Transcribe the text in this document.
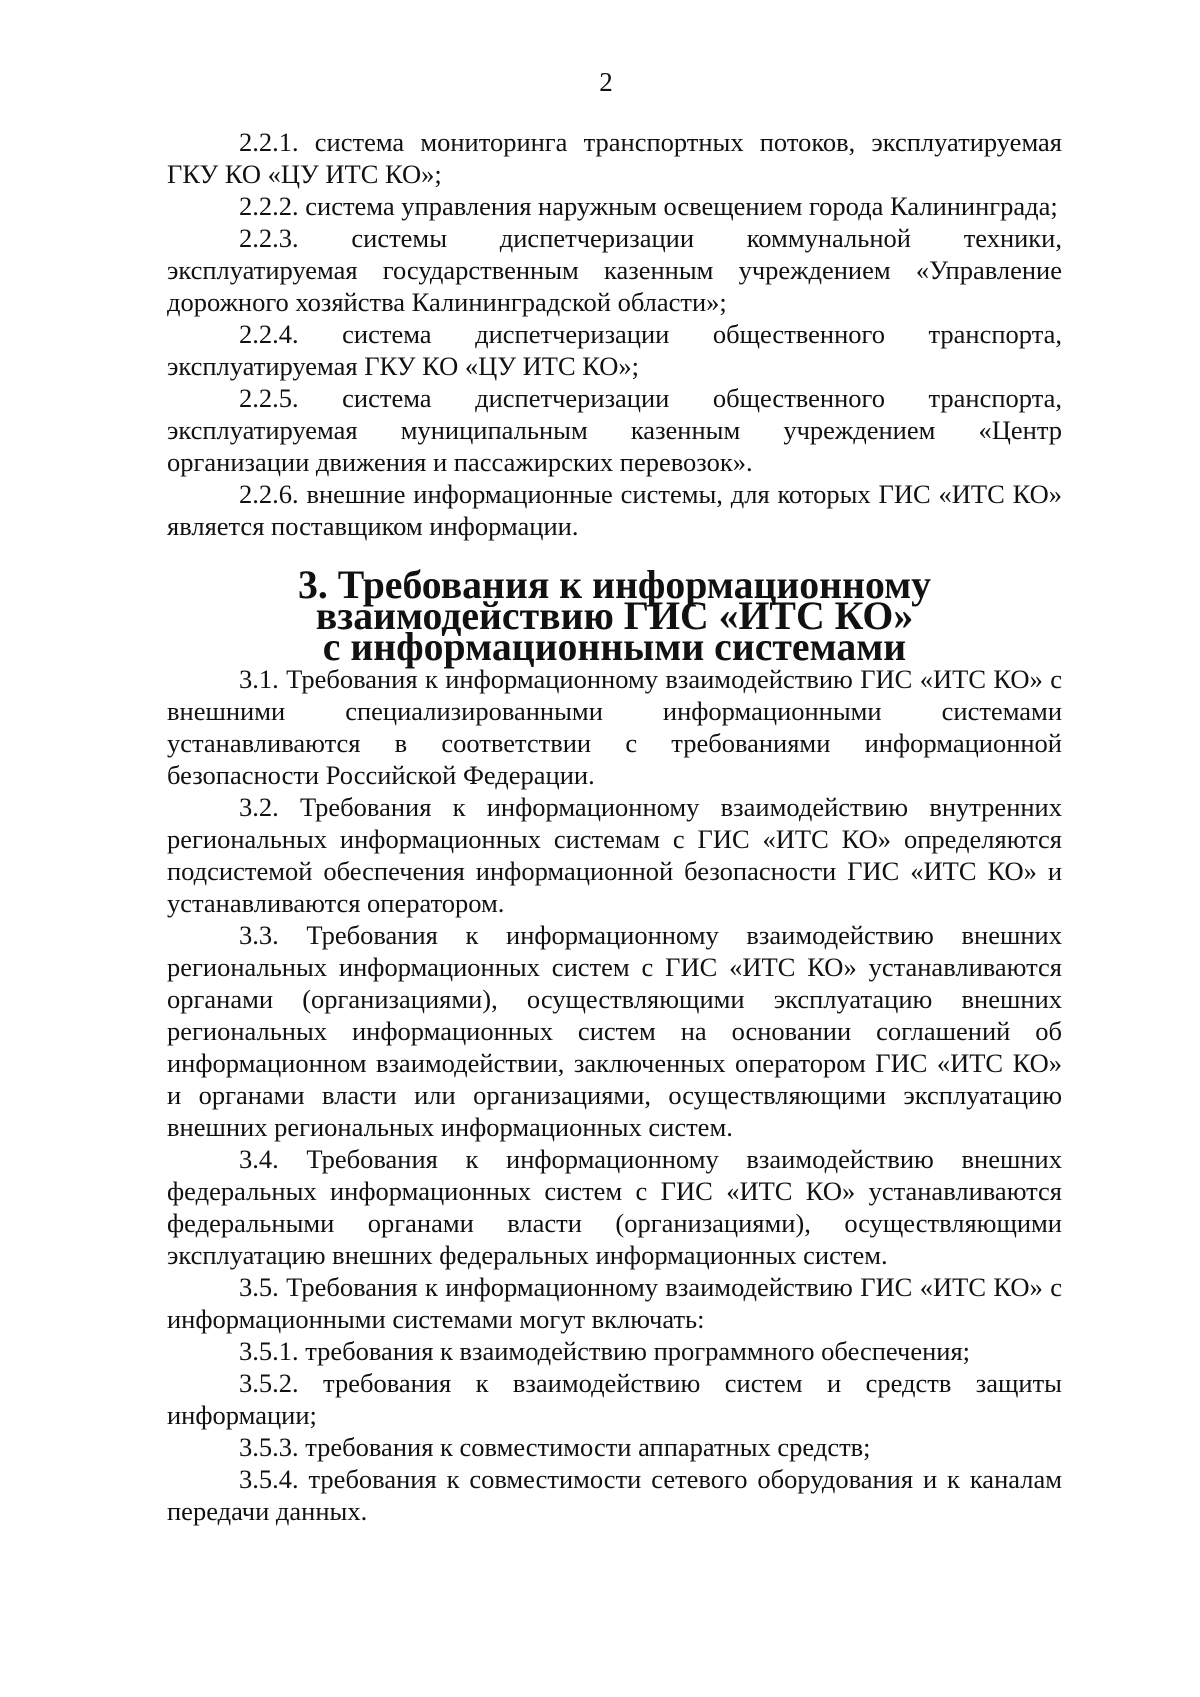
2

2.2.1. система мониторинга транспортных потоков, эксплуатируемая ГКУ КО «ЦУ ИТС КО»;

2.2.2. система управления наружным освещением города Калининграда;

2.2.3. системы диспетчеризации коммунальной техники, эксплуатируемая государственным казенным учреждением «Управление дорожного хозяйства Калининградской области»;

2.2.4. система диспетчеризации общественного транспорта, эксплуатируемая ГКУ КО «ЦУ ИТС КО»;

2.2.5. система диспетчеризации общественного транспорта, эксплуатируемая муниципальным казенным учреждением «Центр организации движения и пассажирских перевозок».

2.2.6. внешние информационные системы, для которых ГИС «ИТС КО» является поставщиком информации.

3. Требования к информационному взаимодействию ГИС «ИТС КО»
с информационными системами

3.1. Требования к информационному взаимодействию ГИС «ИТС КО» с внешними специализированными информационными системами устанавливаются в соответствии с требованиями информационной безопасности Российской Федерации.

3.2. Требования к информационному взаимодействию внутренних региональных информационных системам с ГИС «ИТС КО» определяются подсистемой обеспечения информационной безопасности ГИС «ИТС КО» и устанавливаются оператором.

3.3. Требования к информационному взаимодействию внешних региональных информационных систем с ГИС «ИТС КО» устанавливаются органами (организациями), осуществляющими эксплуатацию внешних региональных информационных систем на основании соглашений об информационном взаимодействии, заключенных оператором ГИС «ИТС КО» и органами власти или организациями, осуществляющими эксплуатацию внешних региональных информационных систем.

3.4. Требования к информационному взаимодействию внешних федеральных информационных систем с ГИС «ИТС КО» устанавливаются федеральными органами власти (организациями), осуществляющими эксплуатацию внешних федеральных информационных систем.

3.5. Требования к информационному взаимодействию ГИС «ИТС КО» с информационными системами могут включать:

3.5.1. требования к взаимодействию программного обеспечения;

3.5.2. требования к взаимодействию систем и средств защиты информации;

3.5.3. требования к совместимости аппаратных средств;

3.5.4. требования к совместимости сетевого оборудования и к каналам передачи данных.
